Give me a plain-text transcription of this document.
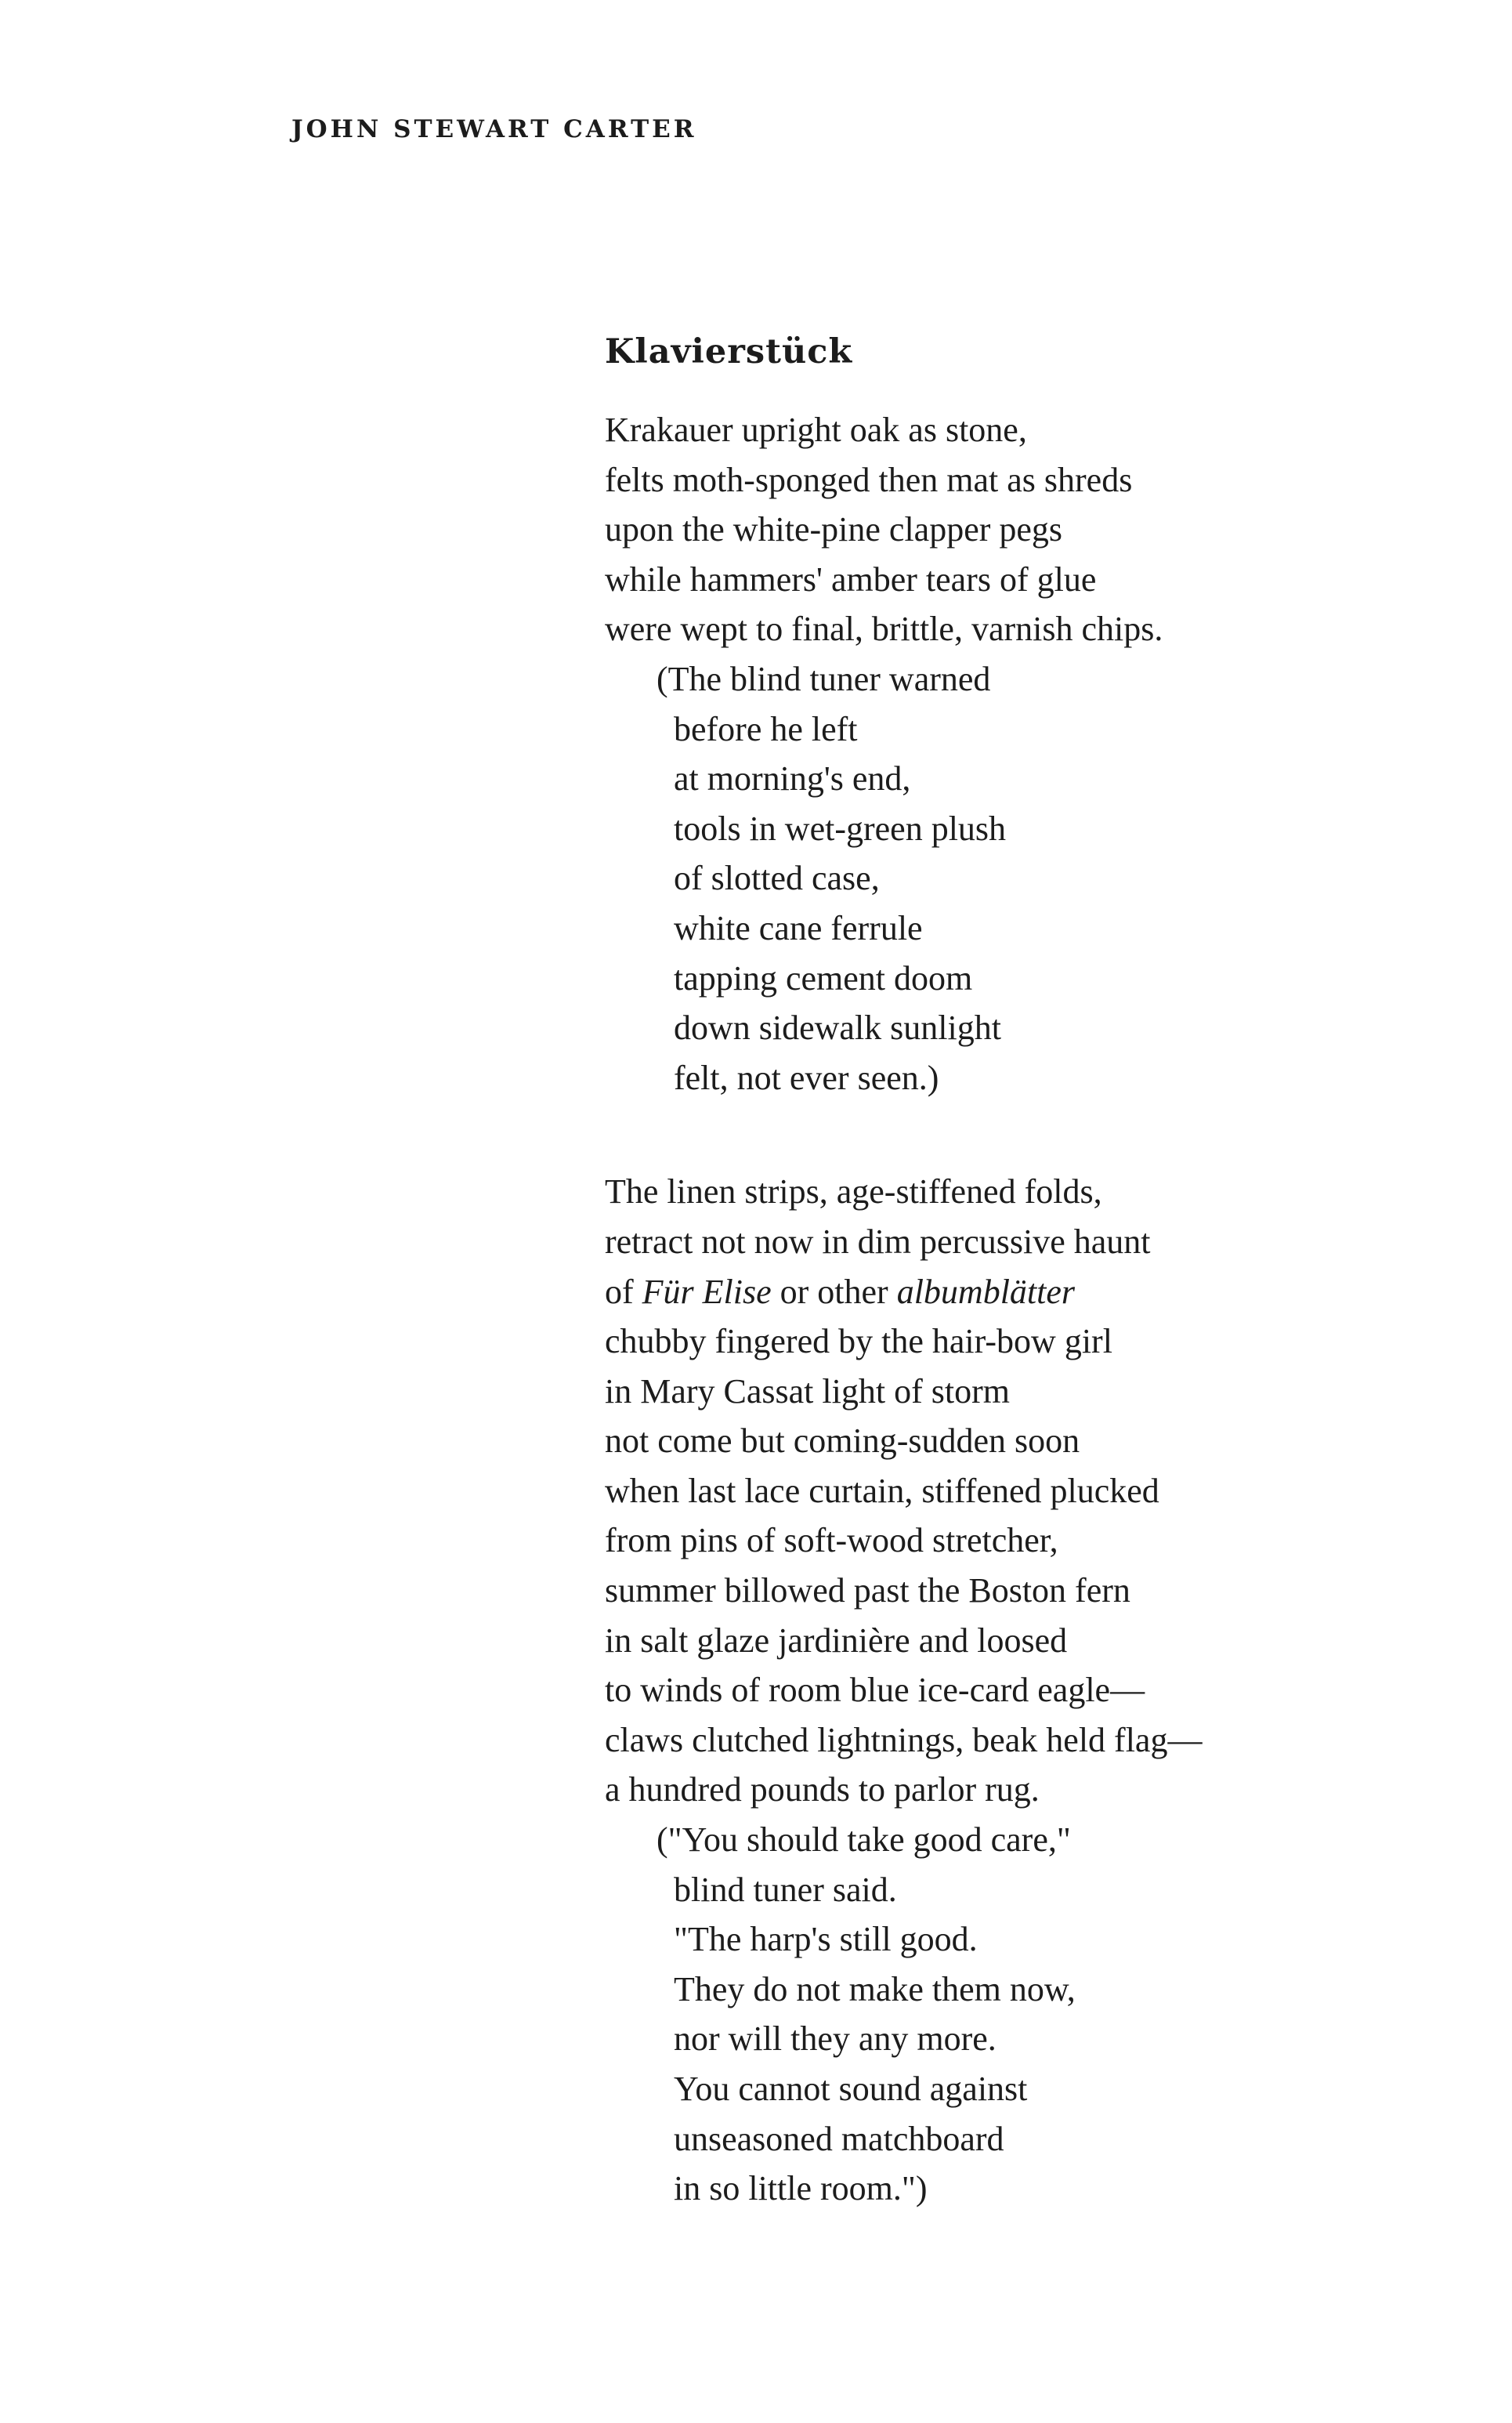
JOHN STEWART CARTER
Klavierstück
Krakauer upright oak as stone,
felts moth-sponged then mat as shreds
upon the white-pine clapper pegs
while hammers' amber tears of glue
were wept to final, brittle, varnish chips.
(The blind tuner warned
before he left
at morning's end,
tools in wet-green plush
of slotted case,
white cane ferrule
tapping cement doom
down sidewalk sunlight
felt, not ever seen.)
The linen strips, age-stiffened folds,
retract not now in dim percussive haunt
of Für Elise or other albumblätter
chubby fingered by the hair-bow girl
in Mary Cassat light of storm
not come but coming-sudden soon
when last lace curtain, stiffened plucked
from pins of soft-wood stretcher,
summer billowed past the Boston fern
in salt glaze jardinière and loosed
to winds of room blue ice-card eagle—
claws clutched lightnings, beak held flag—
a hundred pounds to parlor rug.
("You should take good care,"
blind tuner said.
"The harp's still good.
They do not make them now,
nor will they any more.
You cannot sound against
unseasoned matchboard
in so little room.")
